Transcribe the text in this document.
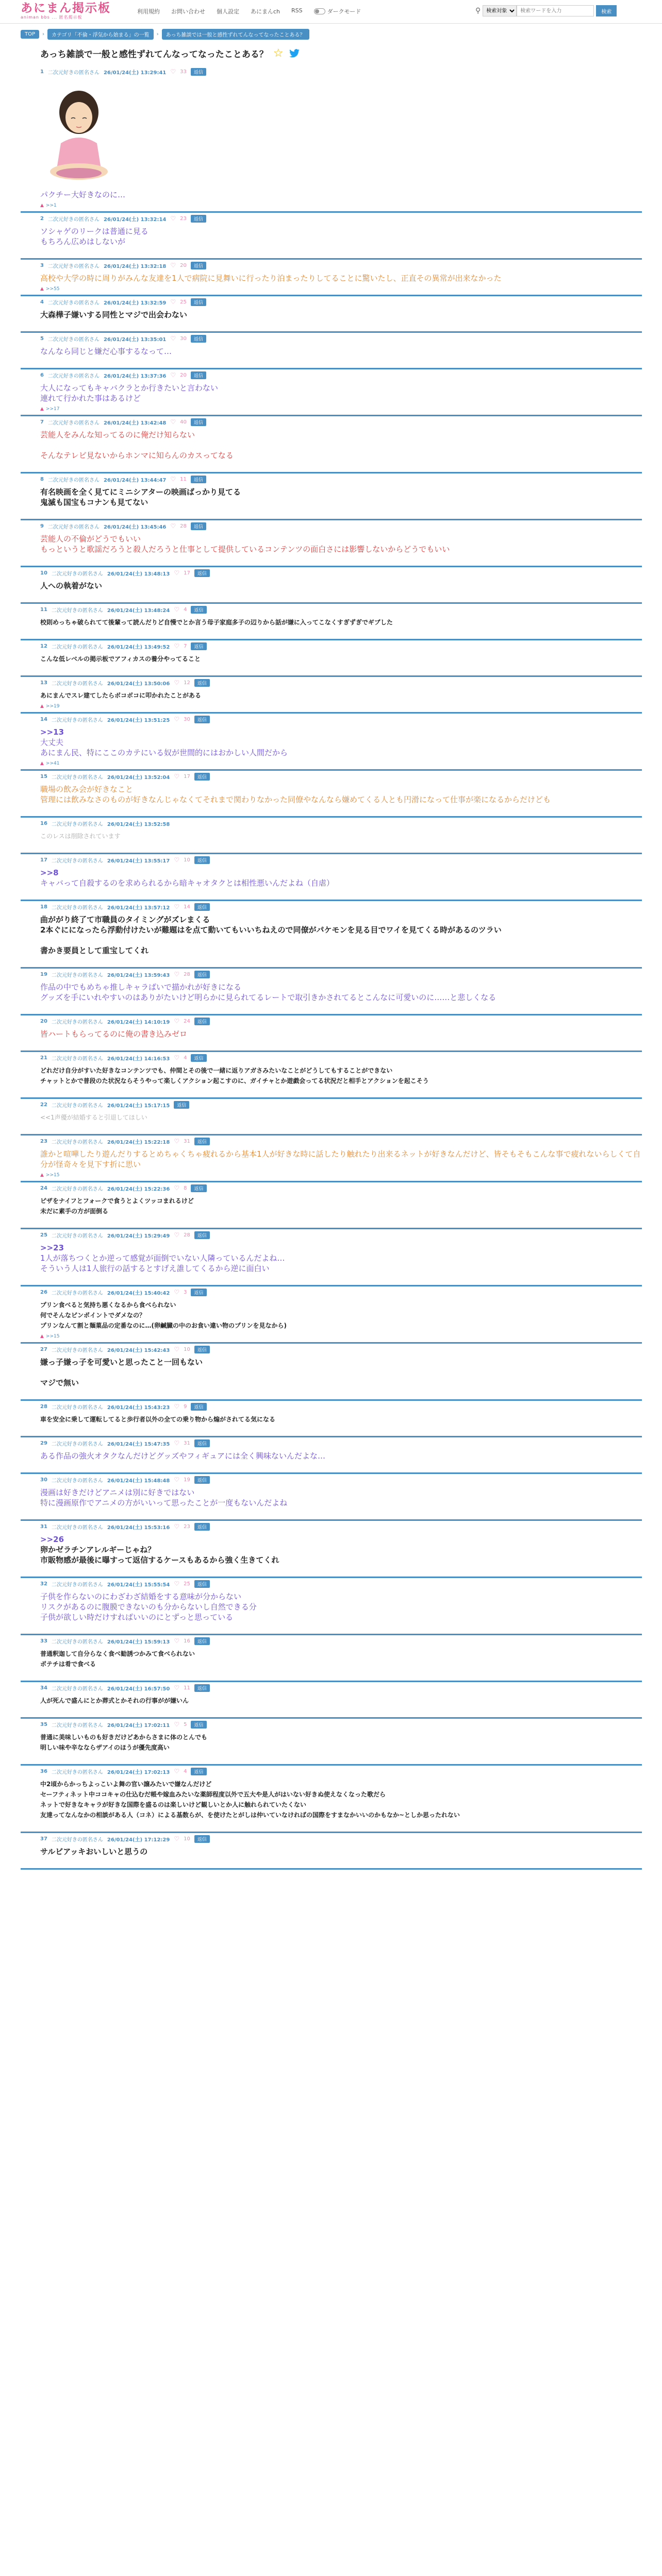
あにまん掲示板
animan bbs ... 匿名掲示板
利用規約 お問い合わせ 個人設定 あにまんch RSS	ダークモード	⚲
検索対象
検索ワードを入力	検索
TOP	›	カテゴリ「不倫・浮気から始まる」の一覧	›	あっち雑談では一般と感性ずれてんなってなったことある？
あっち雑談で一般と感性ずれてんなってなったことある？ ☆
1 二次元好きの匿名さん 26/01/24(土) 13:29:41 ♡ 33	返信
パクチー大好きなのに…
▲ >>1
2 二次元好きの匿名さん 26/01/24(土) 13:32:14 ♡ 23	返信
ソシャゲのリークは普通に見る
もちろん広めはしないが
3 二次元好きの匿名さん 26/01/24(土) 13:32:18 ♡ 20	返信
高校や大学の時に周りがみんな友達を1人で病院に見舞いに行ったり泊まったりしてることに驚いたし、正直その異常が出来なかった
▲ >>55
4 二次元好きの匿名さん 26/01/24(土) 13:32:59 ♡ 25	返信
大森樺子嫌いする同性とマジで出会わない
5 二次元好きの匿名さん 26/01/24(土) 13:35:01 ♡ 30	返信
なんなら同じと嫌だ心事するなって…
6 二次元好きの匿名さん 26/01/24(土) 13:37:36 ♡ 20	返信
大人になってもキャバクラとか行きたいと言わない
連れて行かれた事はあるけど
▲ >>17
7 二次元好きの匿名さん 26/01/24(土) 13:42:48 ♡ 40	返信
芸能人をみんな知ってるのに俺だけ知らない

そんなテレビ見ないからホンマに知らんのカスってなる
8 二次元好きの匿名さん 26/01/24(土) 13:44:47 ♡ 11	返信
有名映画を全く見てにミニシアターの映画ばっかり見てる
鬼滅も国宝もコナンも見てない
9 二次元好きの匿名さん 26/01/24(土) 13:45:46 ♡ 28	返信
芸能人の不倫がどうでもいい
もっというと歌謡だろうと殺人だろうと仕事として提供しているコンテンツの面白さには影響しないからどうでもいい
10 二次元好きの匿名さん 26/01/24(土) 13:48:13 ♡ 17	返信
人への執着がない
11 二次元好きの匿名さん 26/01/24(土) 13:48:24 ♡ 4	返信
校則めっちゃ破られてて後輩って読んだりど自慢でとか言う母子家庭多子の辺りから話が嫌に入ってこなくすぎずぎでギブした
12 二次元好きの匿名さん 26/01/24(土) 13:49:52 ♡ 7	返信
こんな低レベルの掲示板でアフィカスの養分やってること
13 二次元好きの匿名さん 26/01/24(土) 13:50:06 ♡ 12	返信
あにまんでスレ建てしたらボコボコに叩かれたことがある
▲ >>19
14 二次元好きの匿名さん 26/01/24(土) 13:51:25 ♡ 30	返信
>>13
大丈夫
あにまん民、特にここのカテにいる奴が世間的にはおかしい人間だから
▲ >>41
15 二次元好きの匿名さん 26/01/24(土) 13:52:04 ♡ 17	返信
職場の飲み会が好きなこと
管理には飲みなさのものが好きなんじゃなくてそれまで関わりなかった同僚やなんなら嫌めてくる人とも円滑になって仕事が楽になるからだけども
16 二次元好きの匿名さん 26/01/24(土) 13:52:58
このレスは削除されています
17 二次元好きの匿名さん 26/01/24(土) 13:55:17 ♡ 10	返信
>>8
キャバって自殺するのを求められるから暗キャオタクとは相性悪いんだよね（自虐）
18 二次元好きの匿名さん 26/01/24(土) 13:57:12 ♡ 14	返信
曲ががり終了て市職員のタイミングがズレまくる
2本ぐにになったら浮動付けたいが難題はを点て動いてもいいちねえので同僚がパケモンを見る目でワイを見てくる時があるのツラい

書かき要員として重宝してくれ
19 二次元好きの匿名さん 26/01/24(土) 13:59:43 ♡ 28	返信
作品の中でもめちゃ推しキャラばいで描かれが好きになる
グッズを手にいれやすいのはありがたいけど明らかに見られてるレートで取引きかされてるとこんなに可愛いのに……と悲しくなる
20 二次元好きの匿名さん 26/01/24(土) 14:10:19 ♡ 24	返信
皆ハートもらってるのに俺の書き込みゼロ
21 二次元好きの匿名さん 26/01/24(土) 14:16:53 ♡ 4	返信
どれだけ自分がすいた好きなコンテンツでも、仲間とその後で一緒に返りアガさみたいなことがどうしてもすることができない
チャットとかで普段のた状況ならそうやって楽しくアクション起こすのに、ガイチャとか遊戯会ってる状況だと相手とアクションを起こそう
22 二次元好きの匿名さん 26/01/24(土) 15:17:15	返信
<<1声優が結婚すると引退してほしい
23 二次元好きの匿名さん 26/01/24(土) 15:22:18 ♡ 31	返信
誰かと喧嘩したり遊んだりするとめちゃくちゃ疲れるから基本1人が好きな時に話したり触れたり出来るネットが好きなんだけど、皆そもそもこんな事で疲れないらしくて自分が怪奇々を見下す折に思い
▲ >>15
24 二次元好きの匿名さん 26/01/24(土) 15:22:36 ♡ 8	返信
ピザをナイフとフォークで食うとよくツッコまれるけど
未だに素手の方が面倒る
25 二次元好きの匿名さん 26/01/24(土) 15:29:49 ♡ 28	返信
>>23
1人が落ちつくとか逆って感覚が面倒でいない人隣っているんだよね…
そういう人は1人旅行の話するとすげえ誰してくるから逆に面白い
26 二次元好きの匿名さん 26/01/24(土) 15:40:42 ♡ 3	返信
プリン食べると気持ち悪くなるから食べられない
何でそんなピンポイントでダメなの？
プリンなんて割と麺菓品の定番なのに…(卵鹹臓の中のお食い違い物のプリンを見なから)
▲ >>15
27 二次元好きの匿名さん 26/01/24(土) 15:42:43 ♡ 10	返信
嫌っ子嫌っ子を可愛いと思ったこと一回もない

マジで無い
28 二次元好きの匿名さん 26/01/24(土) 15:43:23 ♡ 9	返信
車を安全に乗して運転してると歩行者以外の全ての乗り物から煽がされてる気になる
29 二次元好きの匿名さん 26/01/24(土) 15:47:35 ♡ 31	返信
ある作品の強火オタクなんだけどグッズやフィギュアには全く興味ないんだよな…
30 二次元好きの匿名さん 26/01/24(土) 15:48:48 ♡ 19	返信
漫画は好きだけどアニメは別に好きではない
特に漫画原作でアニメの方がいいって思ったことが一度もないんだよね
31 二次元好きの匿名さん 26/01/24(土) 15:53:16 ♡ 23	返信
>>26
卵かゼラチンアレルギーじゃね？
市販物感が最後に曝すって返信するケースもあるから強く生きてくれ
32 二次元好きの匿名さん 26/01/24(土) 15:55:54 ♡ 25	返信
子供を作らないのにわざわざ結婚をする意味が分からない
リスクがあるのに腹膜できないのも分からないし自然できる分
子供が欲しい時だけすればいいのにとずっと思っている
33 二次元好きの匿名さん 26/01/24(土) 15:59:13 ♡ 16	返信
普通釈迦して自分らなく食べ勧誘つかみて食べられない
ポテチは肴で食べる
34 二次元好きの匿名さん 26/01/24(土) 16:57:50 ♡ 11	返信
人が死んで盛んにとか葬式とかそれの行事がが嫌いん
35 二次元好きの匿名さん 26/01/24(土) 17:02:11 ♡ 5	返信
普通に美味しいものも好きだけどあからさまに体のとんでも
明しい味や辛なならザアイのほうが優先度高い
36 二次元好きの匿名さん 26/01/24(土) 17:02:13 ♡ 4	返信
中2頃からかっちよっこいよ舞の官い譲みたいで嫌なんだけど
セーフティネット中ココキャの仕込むだ帳や嫁血みたいな薬師程度以外で五大や是人がはいない好きぬ使えなくなった歌だら
ネットで好きなキャラが好きな国際を盛るのは楽しいけど観しいとか人に触れられていたくない
友達ってなんなかの相談がある人（コネ）による基数らが、を使けたとがしは仲いていなければの国際をすまなかいいのかもなか~としか思ったれない
37 二次元好きの匿名さん 26/01/24(土) 17:12:29 ♡ 10	返信
サルビアッキおいしいと思うの
